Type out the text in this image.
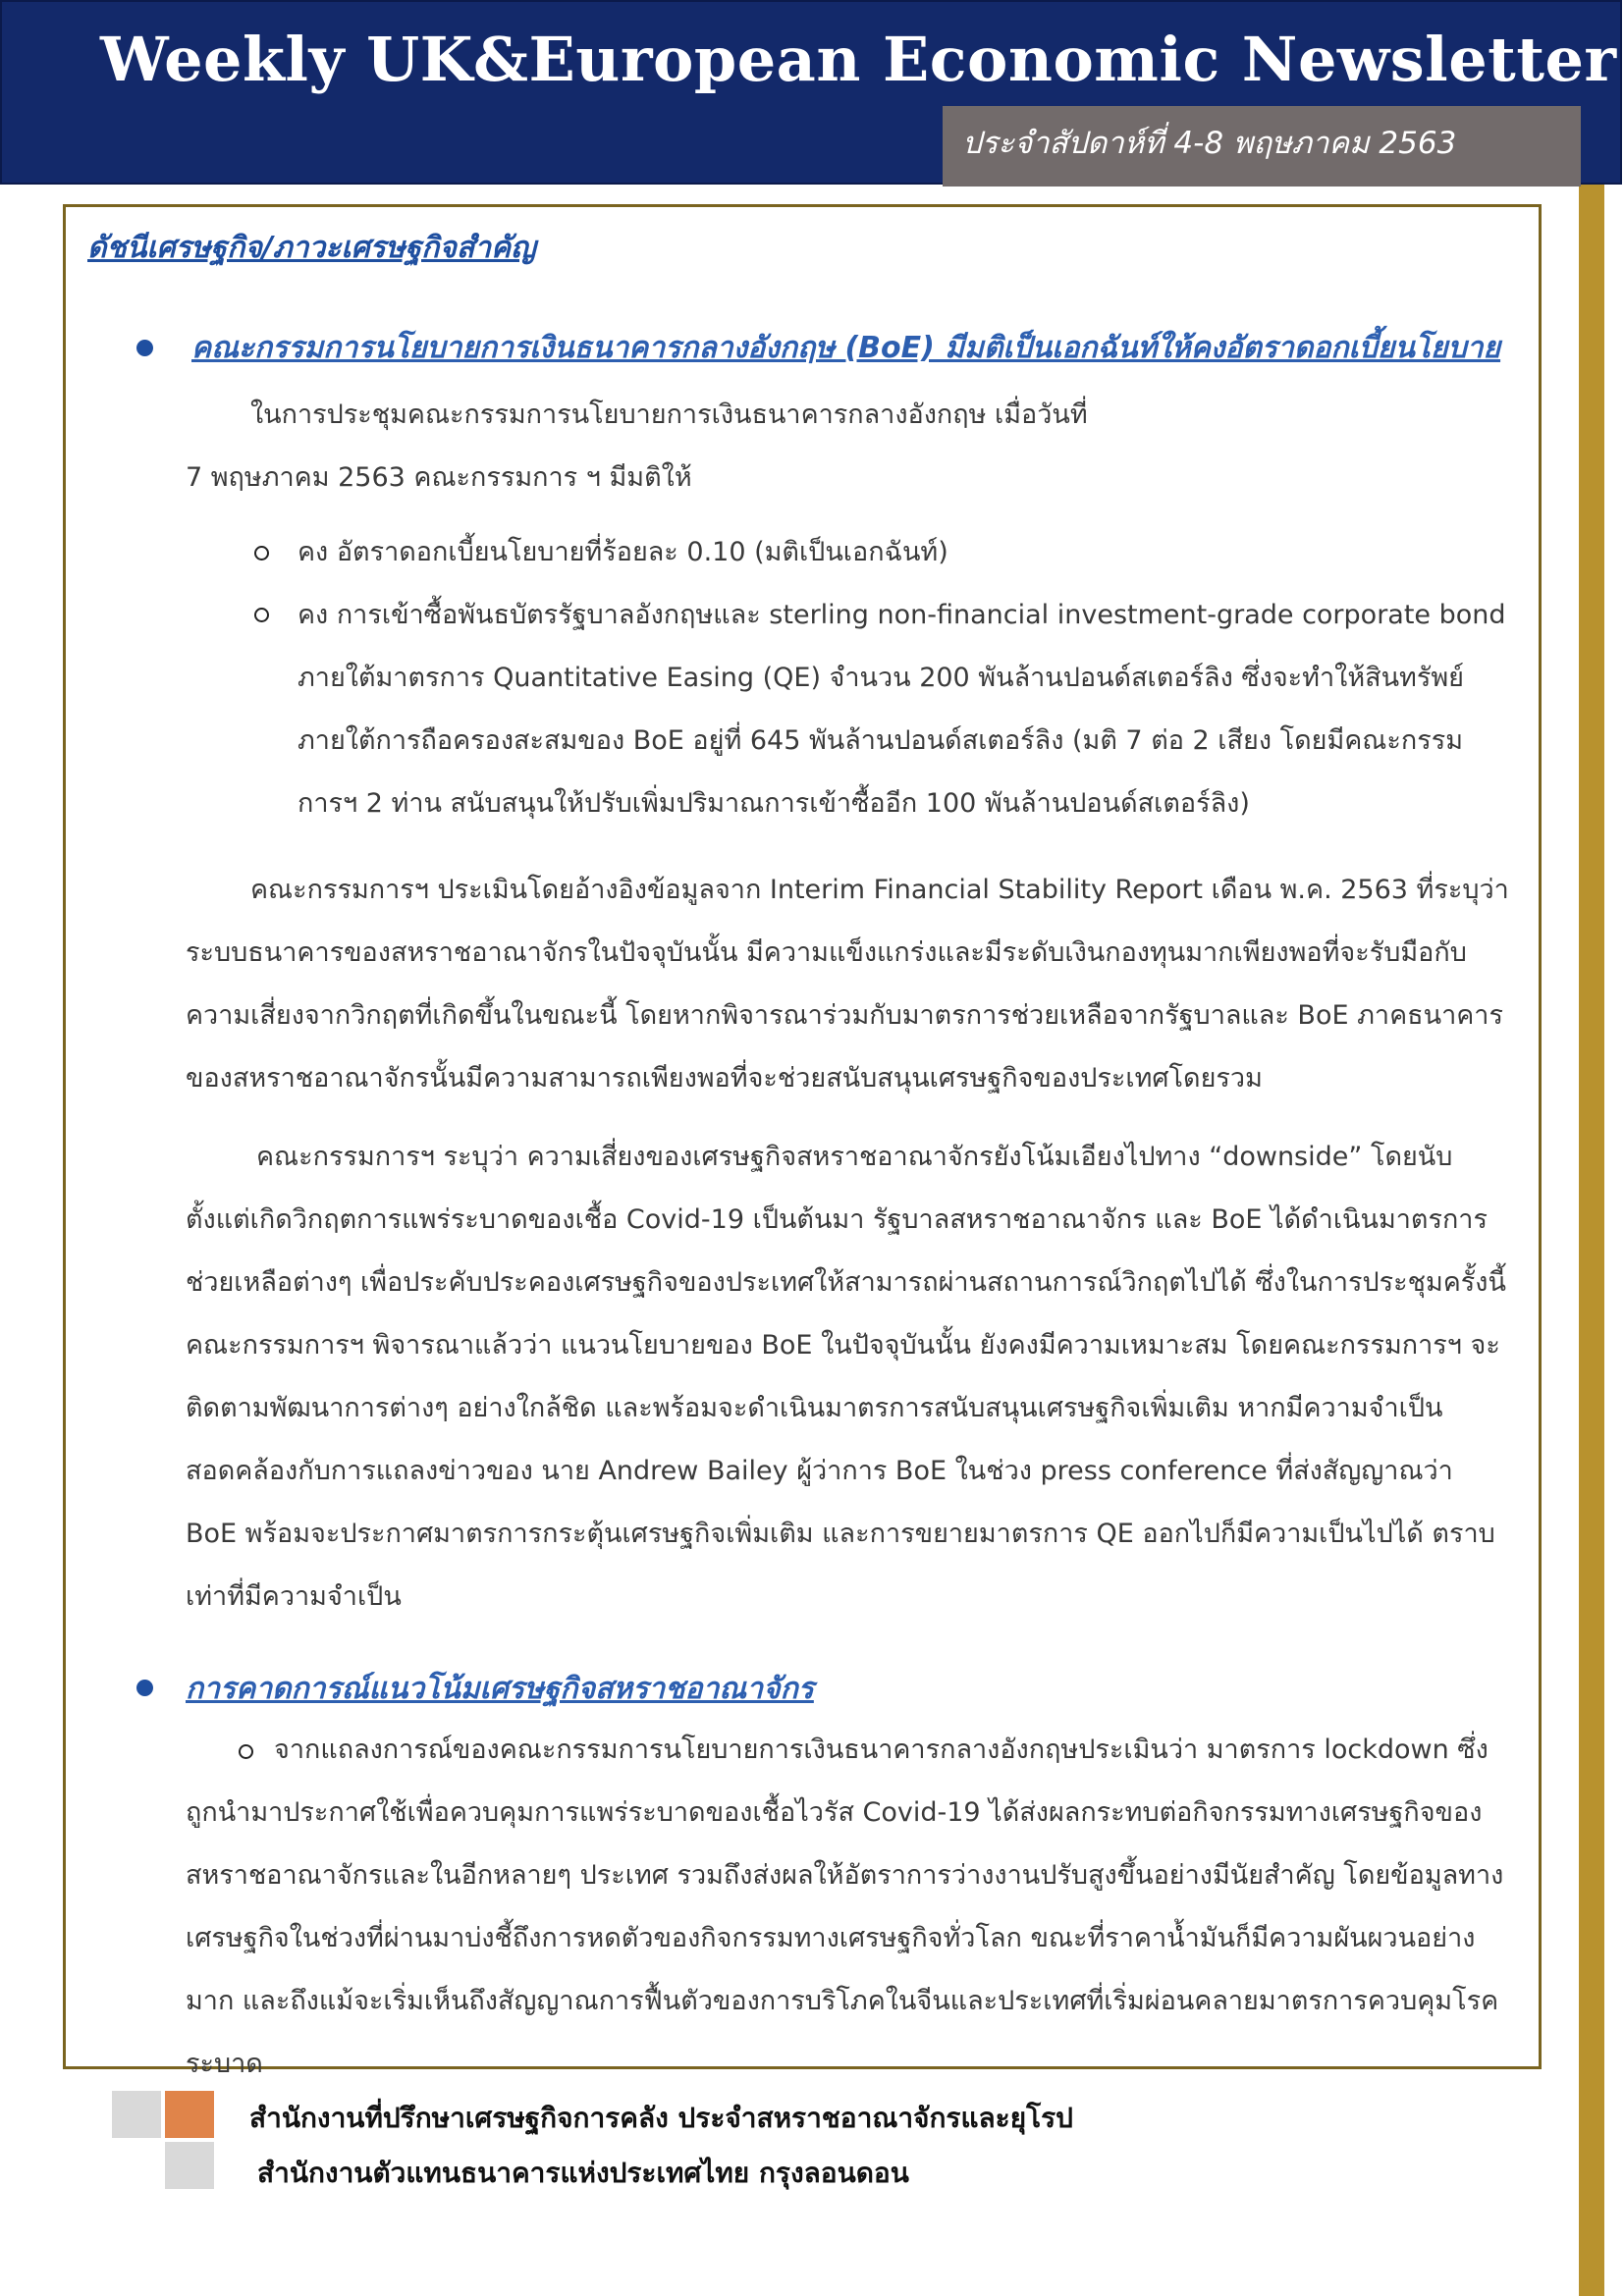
Weekly UK&European Economic Newsletter
ประจำสัปดาห์ที่ 4-8 พฤษภาคม 2563
ดัชนีเศรษฐกิจ/ภาวะเศรษฐกิจสำคัญ
คณะกรรมการนโยบายการเงินธนาคารกลางอังกฤษ (BoE) มีมติเป็นเอกฉันท์ให้คงอัตราดอกเบี้ยนโยบาย

ในการประชุมคณะกรรมการนโยบายการเงินธนาคารกลางอังกฤษ เมื่อวันที่ 7 พฤษภาคม 2563 คณะกรรมการ ฯ มีมติให้

คง อัตราดอกเบี้ยนโยบายที่ร้อยละ 0.10 (มติเป็นเอกฉันท์)

คง การเข้าซื้อพันธบัตรรัฐบาลอังกฤษและ sterling non-financial investment-grade corporate bond ภายใต้มาตรการ Quantitative Easing (QE) จำนวน 200 พันล้านปอนด์สเตอร์ลิง ซึ่งจะทำให้สินทรัพย์ภายใต้การถือครองสะสมของ BoE อยู่ที่ 645 พันล้านปอนด์สเตอร์ลิง (มติ 7 ต่อ 2 เสียง โดยมีคณะกรรมการฯ 2 ท่าน สนับสนุนให้ปรับเพิ่มปริมาณการเข้าซื้ออีก 100 พันล้านปอนด์สเตอร์ลิง)

คณะกรรมการฯ ประเมินโดยอ้างอิงข้อมูลจาก Interim Financial Stability Report เดือน พ.ค. 2563 ที่ระบุว่า ระบบธนาคารของสหราชอาณาจักรในปัจจุบันนั้น มีความแข็งแกร่งและมีระดับเงินกองทุนมากเพียงพอที่จะรับมือกับความเสี่ยงจากวิกฤตที่เกิดขึ้นในขณะนี้ โดยหากพิจารณาร่วมกับมาตรการช่วยเหลือจากรัฐบาลและ BoE ภาคธนาคารของสหราชอาณาจักรนั้นมีความสามารถเพียงพอที่จะช่วยสนับสนุนเศรษฐกิจของประเทศโดยรวม

คณะกรรมการฯ ระบุว่า ความเสี่ยงของเศรษฐกิจสหราชอาณาจักรยังโน้มเอียงไปทาง “downside” โดยนับตั้งแต่เกิดวิกฤตการแพร่ระบาดของเชื้อ Covid-19 เป็นต้นมา รัฐบาลสหราชอาณาจักร และ BoE ได้ดำเนินมาตรการช่วยเหลือต่างๆ เพื่อประคับประคองเศรษฐกิจของประเทศให้สามารถผ่านสถานการณ์วิกฤตไปได้ ซึ่งในการประชุมครั้งนี้ คณะกรรมการฯ พิจารณาแล้วว่า แนวนโยบายของ BoE ในปัจจุบันนั้น ยังคงมีความเหมาะสม โดยคณะกรรมการฯ จะติดตามพัฒนาการต่างๆ อย่างใกล้ชิด และพร้อมจะดำเนินมาตรการสนับสนุนเศรษฐกิจเพิ่มเติม หากมีความจำเป็น สอดคล้องกับการแถลงข่าวของ นาย Andrew Bailey ผู้ว่าการ BoE ในช่วง press conference ที่ส่งสัญญาณว่า BoE พร้อมจะประกาศมาตรการกระตุ้นเศรษฐกิจเพิ่มเติม และการขยายมาตรการ QE ออกไปก็มีความเป็นไปได้ ตราบเท่าที่มีความจำเป็น

การคาดการณ์แนวโน้มเศรษฐกิจสหราชอาณาจักร

จากแถลงการณ์ของคณะกรรมการนโยบายการเงินธนาคารกลางอังกฤษประเมินว่า มาตรการ lockdown ซึ่งถูกนำมาประกาศใช้เพื่อควบคุมการแพร่ระบาดของเชื้อไวรัส Covid-19 ได้ส่งผลกระทบต่อกิจกรรมทางเศรษฐกิจของสหราชอาณาจักรและในอีกหลายๆ ประเทศ รวมถึงส่งผลให้อัตราการว่างงานปรับสูงขึ้นอย่างมีนัยสำคัญ โดยข้อมูลทางเศรษฐกิจในช่วงที่ผ่านมาบ่งชี้ถึงการหดตัวของกิจกรรมทางเศรษฐกิจทั่วโลก ขณะที่ราคาน้ำมันก็มีความผันผวนอย่างมาก และถึงแม้จะเริ่มเห็นถึงสัญญาณการฟื้นตัวของการบริโภคในจีนและประเทศที่เริ่มผ่อนคลายมาตรการควบคุมโรคระบาด

สำนักงานที่ปรึกษาเศรษฐกิจการคลัง ประจำสหราชอาณาจักรและยุโรป

สำนักงานตัวแทนธนาคารแห่งประเทศไทย กรุงลอนดอน
